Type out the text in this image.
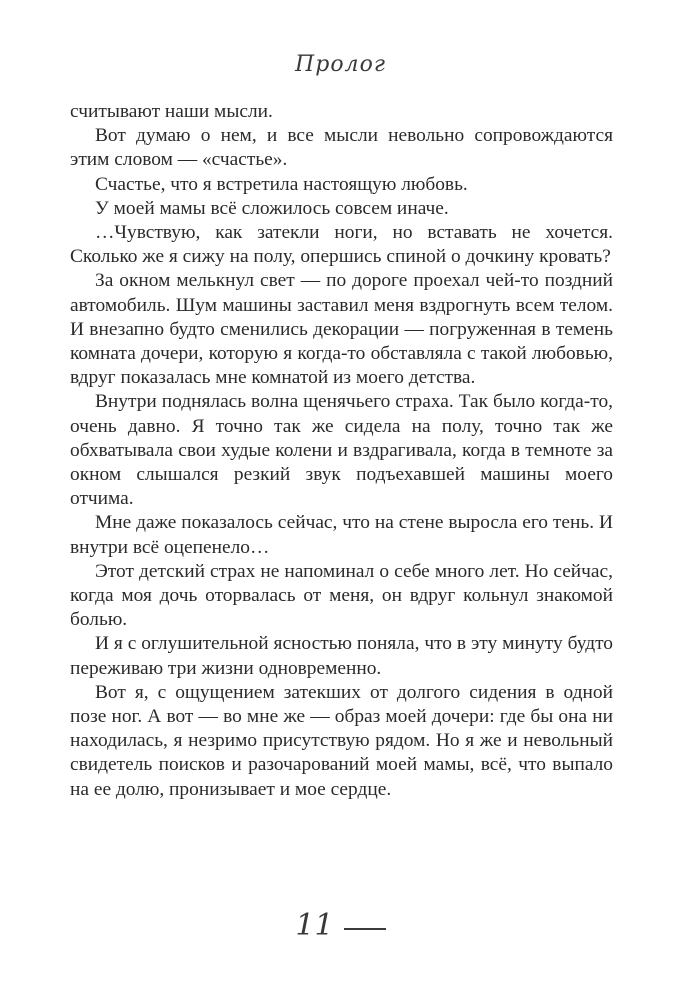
Пролог

считывают наши мысли.

Вот думаю о нем, и все мысли невольно сопровождаются этим словом — «счастье».

Счастье, что я встретила настоящую любовь.

У моей мамы всё сложилось совсем иначе.

…Чувствую, как затекли ноги, но вставать не хочется. Сколько же я сижу на полу, опершись спиной о дочкину кровать?

За окном мелькнул свет — по дороге проехал чей-то поздний автомобиль. Шум машины заставил меня вздрогнуть всем телом. И внезапно будто сменились декорации — погруженная в темень комната дочери, которую я когда-то обставляла с такой любовью, вдруг показалась мне комнатой из моего детства.

Внутри поднялась волна щенячьего страха. Так было когда-то, очень давно. Я точно так же сидела на полу, точно так же обхватывала свои худые колени и вздрагивала, когда в темноте за окном слышался резкий звук подъехавшей машины моего отчима.

Мне даже показалось сейчас, что на стене выросла его тень. И внутри всё оцепенело…

Этот детский страх не напоминал о себе много лет. Но сейчас, когда моя дочь оторвалась от меня, он вдруг кольнул знакомой болью.

И я с оглушительной ясностью поняла, что в эту минуту будто переживаю три жизни одновременно.

Вот я, с ощущением затекших от долгого сидения в одной позе ног. А вот — во мне же — образ моей дочери: где бы она ни находилась, я незримо присутствую рядом. Но я же и невольный свидетель поисков и разочарований моей мамы, всё, что выпало на ее долю, пронизывает и мое сердце.

11
